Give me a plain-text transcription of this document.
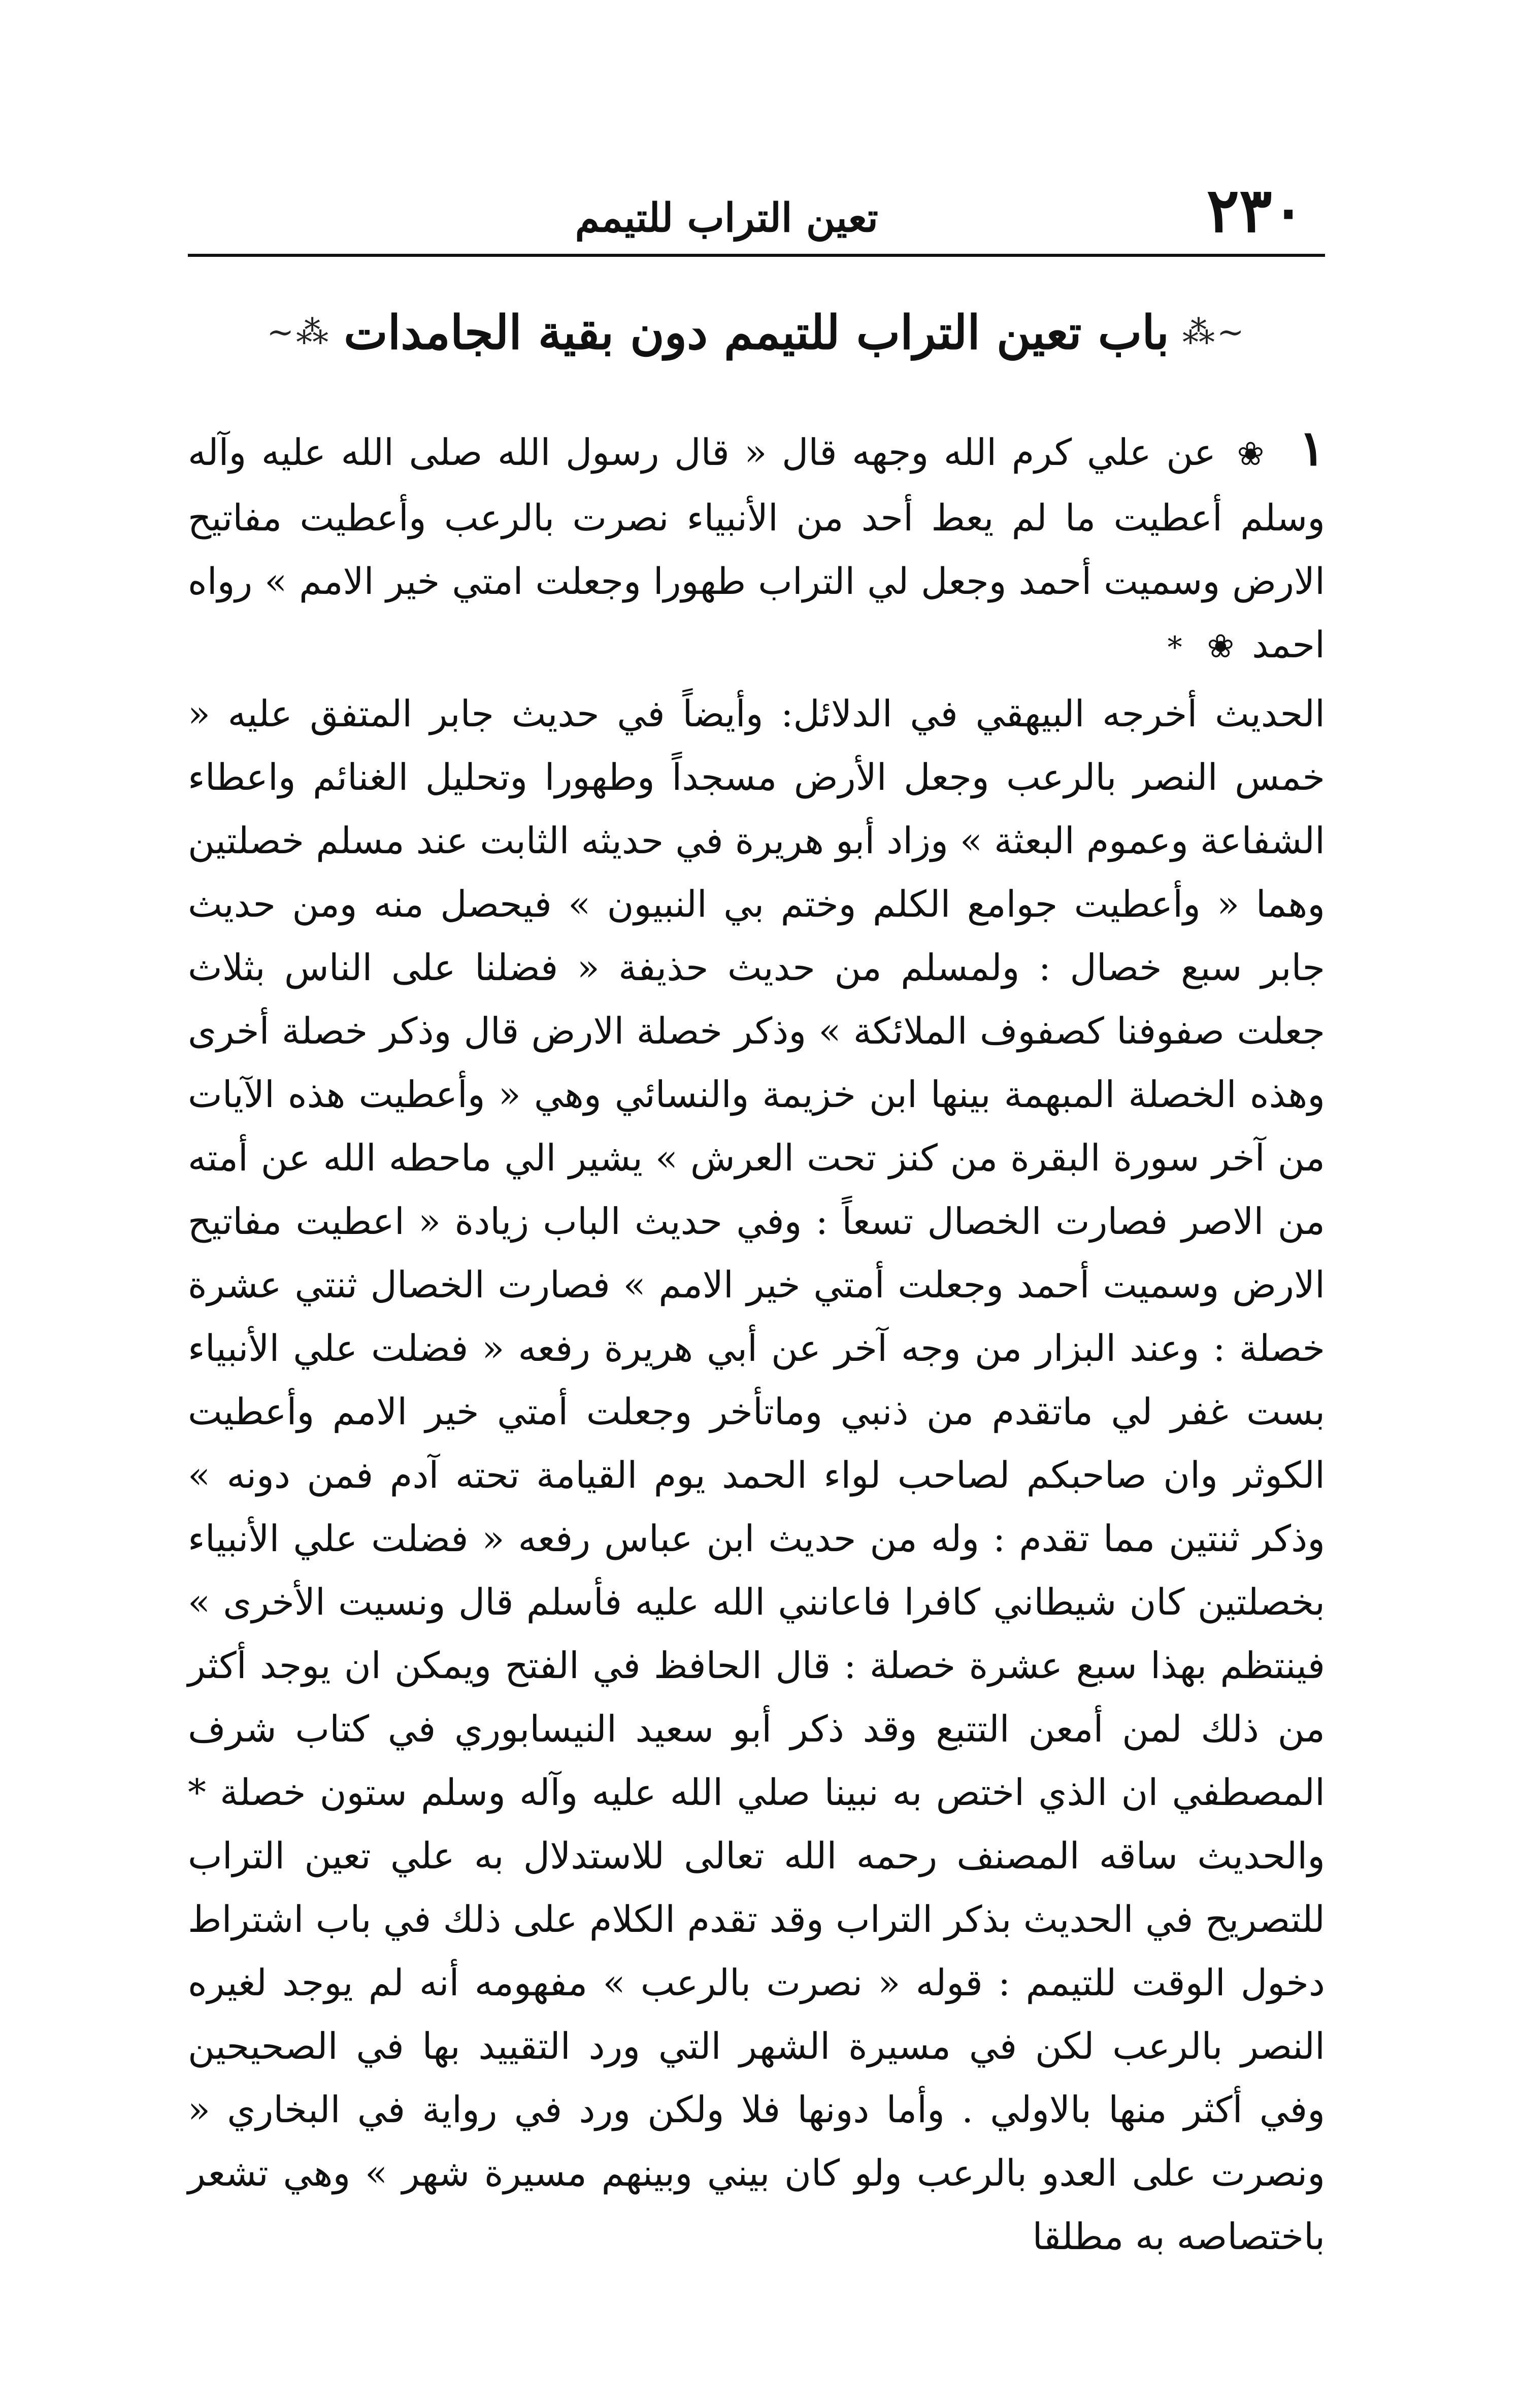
٢٣٠
تعين التراب للتيمم
∽⁂
باب تعين التراب للتيمم دون بقية الجامدات
⁂∽

١ ❀ عن علي كرم الله وجهه قال « قال رسول الله صلى الله عليه وآله وسلم أعطيت ما لم يعط أحد من الأنبياء نصرت بالرعب وأعطيت مفاتيح الارض وسميت أحمد وجعل لي التراب طهورا وجعلت امتي خير الامم » رواه احمد ❀ *

الحديث أخرجه البيهقي في الدلائل: وأيضاً في حديث جابر المتفق عليه « خمس النصر بالرعب وجعل الأرض مسجداً وطهورا وتحليل الغنائم واعطاء الشفاعة وعموم البعثة » وزاد أبو هريرة في حديثه الثابت عند مسلم خصلتين وهما « وأعطيت جوامع الكلم وختم بي النبيون » فيحصل منه ومن حديث جابر سبع خصال : ولمسلم من حديث حذيفة « فضلنا على الناس بثلاث جعلت صفوفنا كصفوف الملائكة » وذكر خصلة الارض قال وذكر خصلة أخرى وهذه الخصلة المبهمة بينها ابن خزيمة والنسائي وهي « وأعطيت هذه الآيات من آخر سورة البقرة من كنز تحت العرش » يشير الي ماحطه الله عن أمته من الاصر فصارت الخصال تسعاً : وفي حديث الباب زيادة « اعطيت مفاتيح الارض وسميت أحمد وجعلت أمتي خير الامم » فصارت الخصال ثنتي عشرة خصلة : وعند البزار من وجه آخر عن أبي هريرة رفعه « فضلت علي الأنبياء بست غفر لي ماتقدم من ذنبي وماتأخر وجعلت أمتي خير الامم وأعطيت الكوثر وان صاحبكم لصاحب لواء الحمد يوم القيامة تحته آدم فمن دونه » وذكر ثنتين مما تقدم : وله من حديث ابن عباس رفعه « فضلت علي الأنبياء بخصلتين كان شيطاني كافرا فاعانني الله عليه فأسلم قال ونسيت الأخرى » فينتظم بهذا سبع عشرة خصلة : قال الحافظ في الفتح ويمكن ان يوجد أكثر من ذلك لمن أمعن التتبع وقد ذكر أبو سعيد النيسابوري في كتاب شرف المصطفي ان الذي اختص به نبينا صلي الله عليه وآله وسلم ستون خصلة * والحديث ساقه المصنف رحمه الله تعالى للاستدلال به علي تعين التراب للتصريح في الحديث بذكر التراب وقد تقدم الكلام على ذلك في باب اشتراط دخول الوقت للتيمم : قوله « نصرت بالرعب » مفهومه أنه لم يوجد لغيره النصر بالرعب لكن في مسيرة الشهر التي ورد التقييد بها في الصحيحين وفي أكثر منها بالاولي . وأما دونها فلا ولكن ورد في رواية في البخاري « ونصرت على العدو بالرعب ولو كان بيني وبينهم مسيرة شهر » وهي تشعر باختصاصه به مطلقا
